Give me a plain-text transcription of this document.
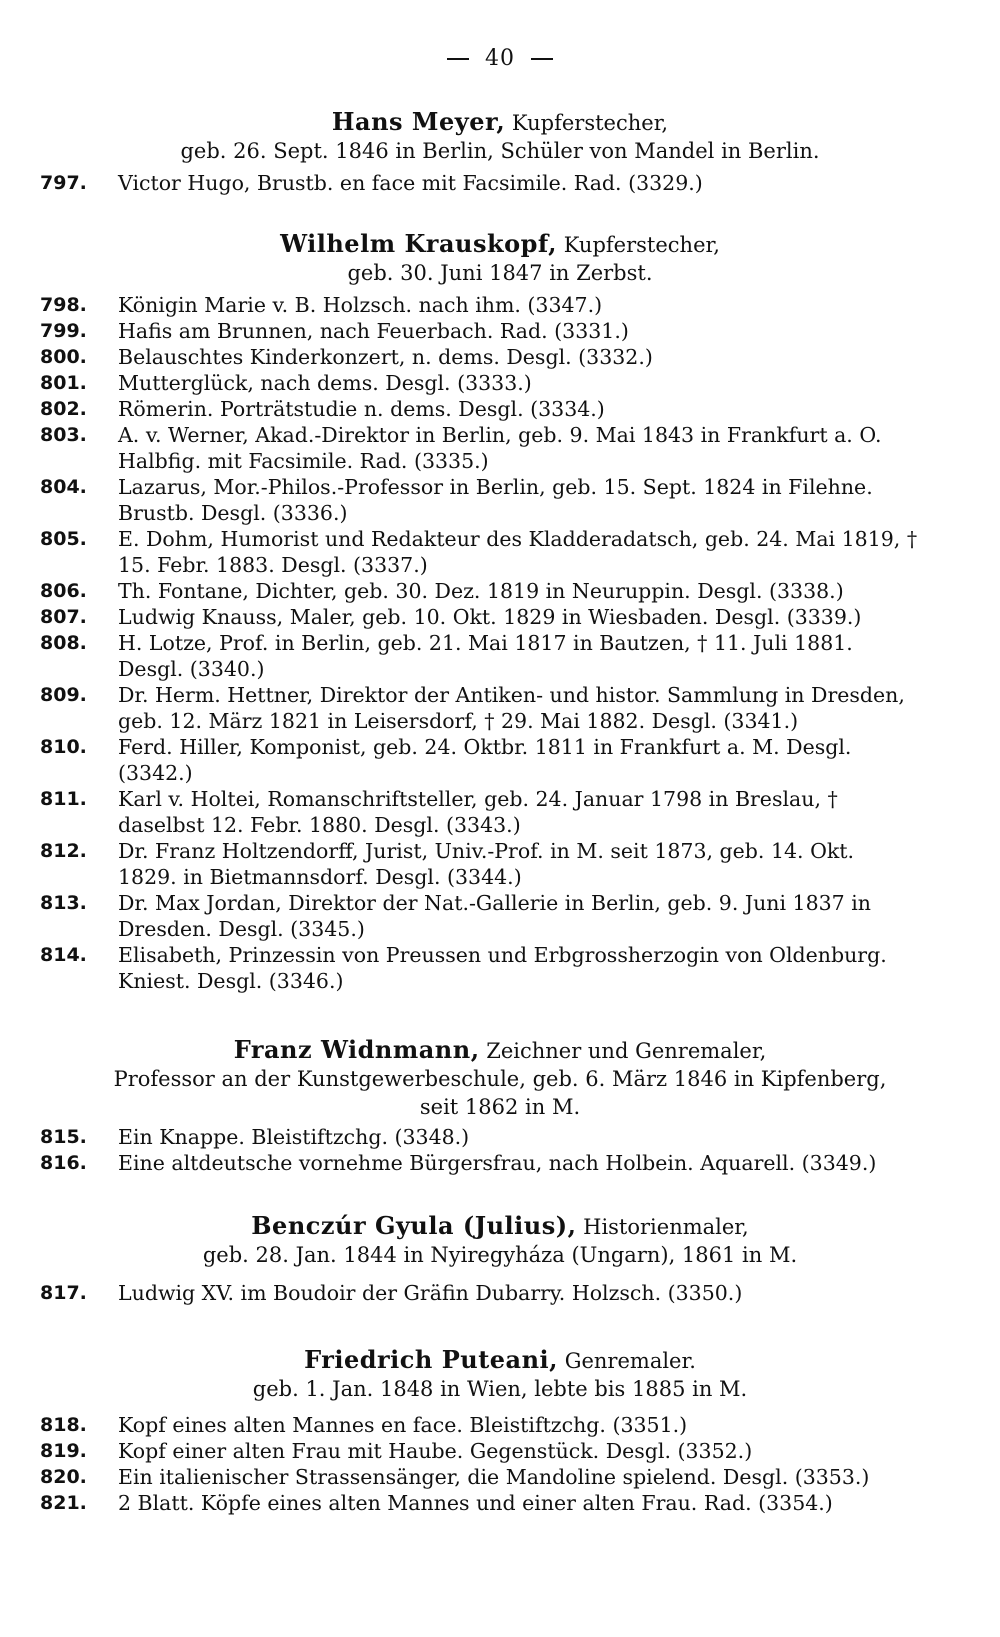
40
Hans Meyer, Kupferstecher,
geb. 26. Sept. 1846 in Berlin, Schüler von Mandel in Berlin.
797.	Victor Hugo, Brustb. en face mit Facsimile. Rad. (3329.)
Wilhelm Krauskopf, Kupferstecher,
geb. 30. Juni 1847 in Zerbst.
798.	Königin Marie v. B. Holzsch. nach ihm. (3347.)
799.	Hafis am Brunnen, nach Feuerbach. Rad. (3331.)
800.	Belauschtes Kinderkonzert, n. dems. Desgl. (3332.)
801.	Mutterglück, nach dems. Desgl. (3333.)
802.	Römerin. Porträtstudie n. dems. Desgl. (3334.)
803.	A. v. Werner, Akad.-Direktor in Berlin, geb. 9. Mai 1843 in Frankfurt a. O. Halbfig. mit Facsimile. Rad. (3335.)
804.	Lazarus, Mor.-Philos.-Professor in Berlin, geb. 15. Sept. 1824 in Filehne. Brustb. Desgl. (3336.)
805.	E. Dohm, Humorist und Redakteur des Kladderadatsch, geb. 24. Mai 1819, † 15. Febr. 1883. Desgl. (3337.)
806.	Th. Fontane, Dichter, geb. 30. Dez. 1819 in Neuruppin. Desgl. (3338.)
807.	Ludwig Knauss, Maler, geb. 10. Okt. 1829 in Wiesbaden. Desgl. (3339.)
808.	H. Lotze, Prof. in Berlin, geb. 21. Mai 1817 in Bautzen, † 11. Juli 1881. Desgl. (3340.)
809.	Dr. Herm. Hettner, Direktor der Antiken- und histor. Sammlung in Dresden, geb. 12. März 1821 in Leisersdorf, † 29. Mai 1882. Desgl. (3341.)
810.	Ferd. Hiller, Komponist, geb. 24. Oktbr. 1811 in Frankfurt a. M. Desgl. (3342.)
811.	Karl v. Holtei, Romanschriftsteller, geb. 24. Januar 1798 in Breslau, † daselbst 12. Febr. 1880. Desgl. (3343.)
812.	Dr. Franz Holtzendorff, Jurist, Univ.-Prof. in M. seit 1873, geb. 14. Okt. 1829. in Bietmannsdorf. Desgl. (3344.)
813.	Dr. Max Jordan, Direktor der Nat.-Gallerie in Berlin, geb. 9. Juni 1837 in Dresden. Desgl. (3345.)
814.	Elisabeth, Prinzessin von Preussen und Erbgrossherzogin von Oldenburg. Kniest. Desgl. (3346.)
Franz Widnmann, Zeichner und Genremaler,
Professor an der Kunstgewerbeschule, geb. 6. März 1846 in Kipfenberg,
seit 1862 in M.
815.	Ein Knappe. Bleistiftzchg. (3348.)
816.	Eine altdeutsche vornehme Bürgersfrau, nach Holbein. Aquarell. (3349.)
Benczúr Gyula (Julius), Historienmaler,
geb. 28. Jan. 1844 in Nyiregyháza (Ungarn), 1861 in M.
817.	Ludwig XV. im Boudoir der Gräfin Dubarry. Holzsch. (3350.)
Friedrich Puteani, Genremaler.
geb. 1. Jan. 1848 in Wien, lebte bis 1885 in M.
818.	Kopf eines alten Mannes en face. Bleistiftzchg. (3351.)
819.	Kopf einer alten Frau mit Haube. Gegenstück. Desgl. (3352.)
820.	Ein italienischer Strassensänger, die Mandoline spielend. Desgl. (3353.)
821.	2 Blatt. Köpfe eines alten Mannes und einer alten Frau. Rad. (3354.)
